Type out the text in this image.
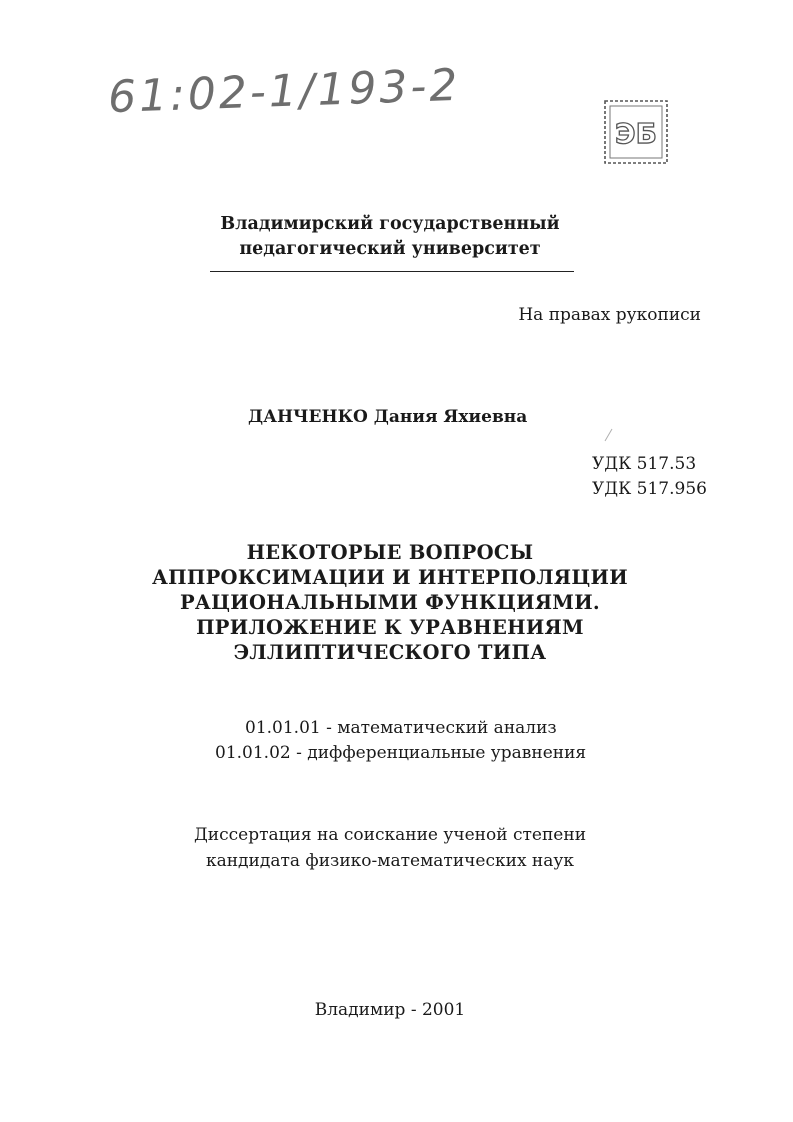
61:02-1/193-2
ЭБ
Владимирский государственный
педагогический университет
На правах рукописи
ДАНЧЕНКО Дания Яхиевна
УДК 517.53
УДК 517.956
НЕКОТОРЫЕ ВОПРОСЫ
АППРОКСИМАЦИИ И ИНТЕРПОЛЯЦИИ
РАЦИОНАЛЬНЫМИ ФУНКЦИЯМИ.
ПРИЛОЖЕНИЕ К УРАВНЕНИЯМ
ЭЛЛИПТИЧЕСКОГО ТИПА
01.01.01 - математический анализ
01.01.02 - дифференциальные уравнения
Диссертация на соискание ученой степени
кандидата физико-математических наук
Владимир - 2001
